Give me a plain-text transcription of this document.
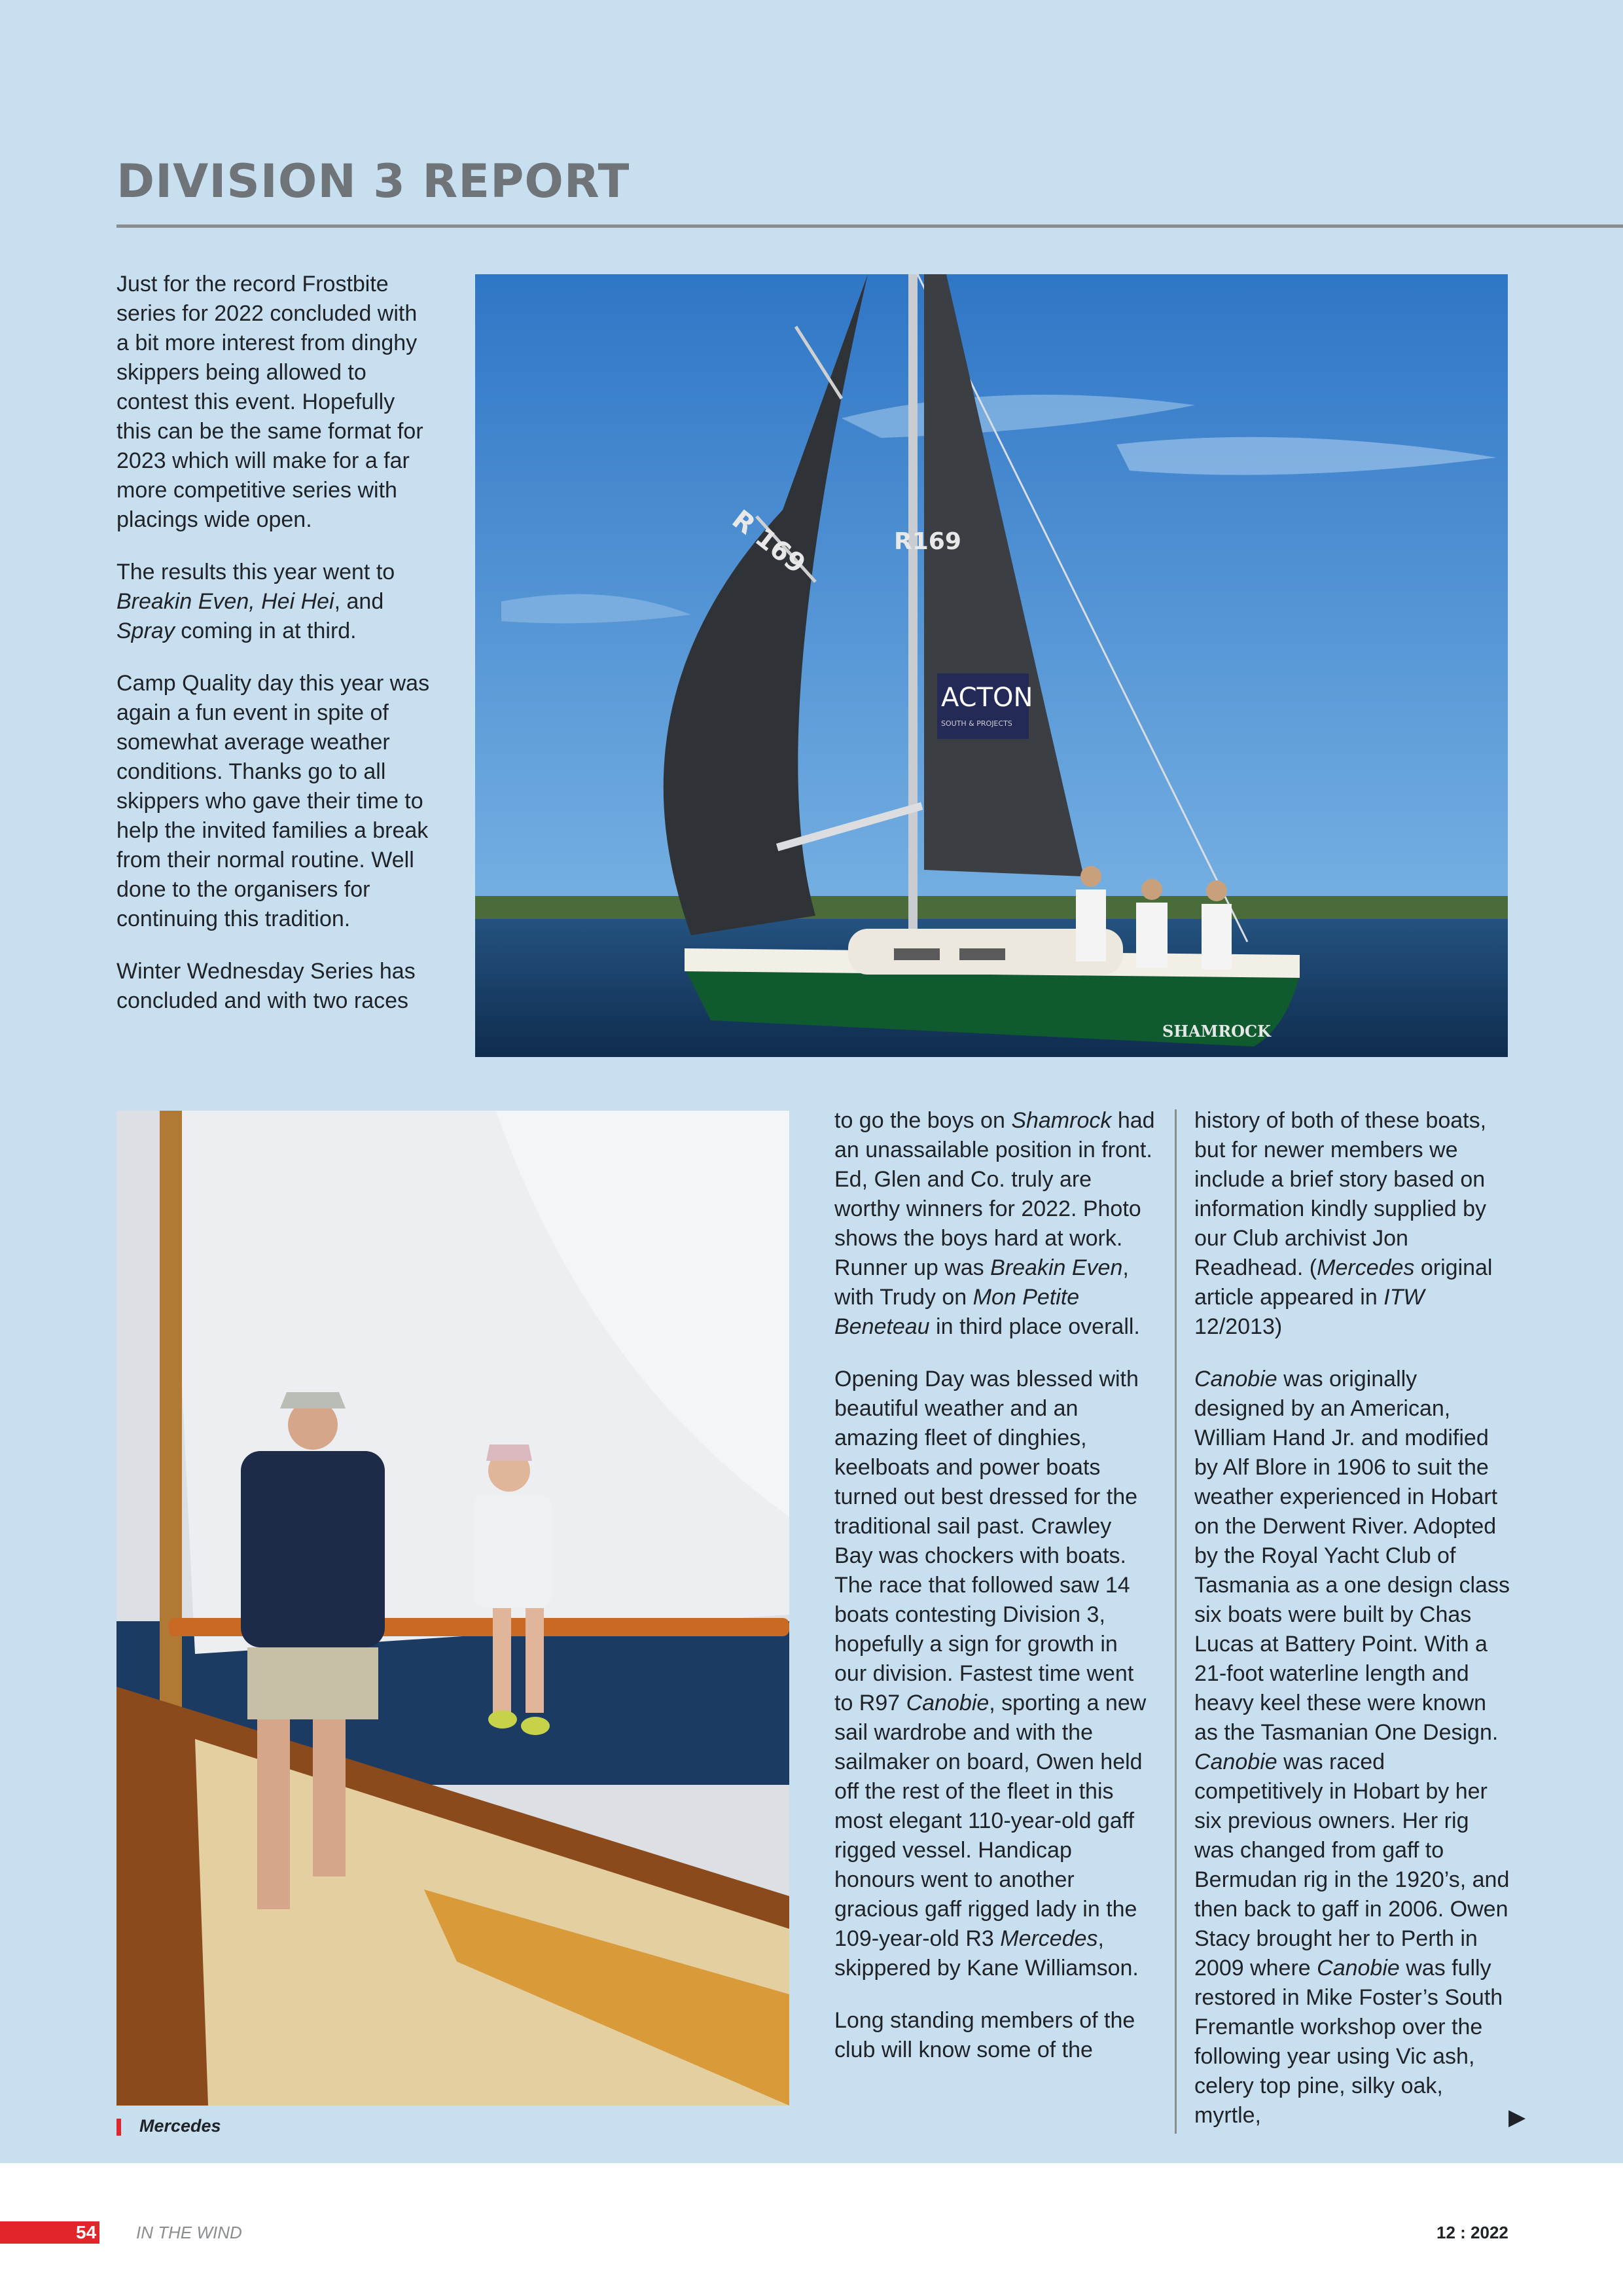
DIVISION 3 REPORT

Just for the record Frostbite series for 2022 concluded with a bit more interest from dinghy skippers being allowed to contest this event. Hopefully this can be the same format for 2023 which will make for a far more competitive series with placings wide open.

The results this year went to Breakin Even, Hei Hei, and Spray coming in at third.

Camp Quality day this year was again a fun event in spite of somewhat average weather conditions. Thanks go to all skippers who gave their time to help the invited families a break from their normal routine. Well done to the organisers for continuing this tradition.

Winter Wednesday Series has concluded and with two races

R169
R 169
ACTON
SOUTH & PROJECTS
SHAMROCK
169
Mercedes

to go the boys on Shamrock had an unassailable position in front. Ed, Glen and Co. truly are worthy winners for 2022. Photo shows the boys hard at work. Runner up was Breakin Even, with Trudy on Mon Petite Beneteau in third place overall.

Opening Day was blessed with beautiful weather and an amazing fleet of dinghies, keelboats and power boats turned out best dressed for the traditional sail past. Crawley Bay was chockers with boats. The race that followed saw 14 boats contesting Division 3, hopefully a sign for growth in our division. Fastest time went to R97 Canobie, sporting a new sail wardrobe and with the sailmaker on board, Owen held off the rest of the fleet in this most elegant 110-year-old gaff rigged vessel. Handicap honours went to another gracious gaff rigged lady in the 109-year-old R3 Mercedes, skippered by Kane Williamson.

Long standing members of the club will know some of the

history of both of these boats, but for newer members we include a brief story based on information kindly supplied by our Club archivist Jon Readhead. (Mercedes original article appeared in ITW 12/2013)

Canobie was originally designed by an American, William Hand Jr. and modified by Alf Blore in 1906 to suit the weather experienced in Hobart on the Derwent River. Adopted by the Royal Yacht Club of Tasmania as a one design class six boats were built by Chas Lucas at Battery Point. With a 21-foot waterline length and heavy keel these were known as the Tasmanian One Design. Canobie was raced competitively in Hobart by her six previous owners. Her rig was changed from gaff to Bermudan rig in the 1920’s, and then back to gaff in 2006. Owen Stacy brought her to Perth in 2009 where Canobie was fully restored in Mike Foster’s South Fremantle workshop over the following year using Vic ash, celery top pine, silky oak, myrtle,	▶
54 IN THE WIND	12 : 2022
